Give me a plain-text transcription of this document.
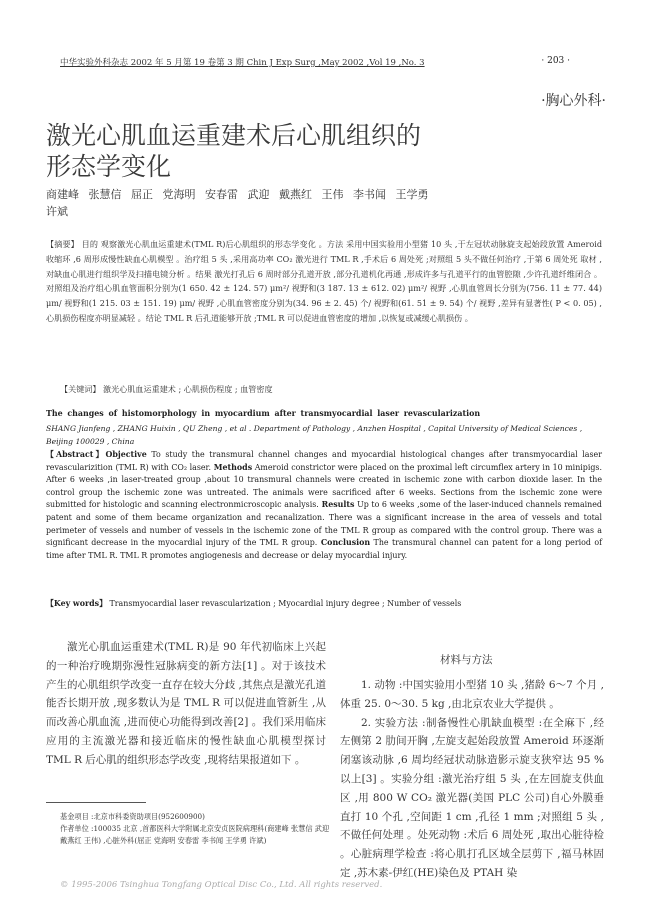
中华实验外科杂志 2002 年 5 月第 19 卷第 3 期 Chin J Exp Surg ,May 2002 ,Vol 19 ,No. 3	· 203 ·
·胸心外科·
激光心肌血运重建术后心肌组织的
形态学变化
商建峰 张慧信 屈正 党海明 安春雷 武迎 戴燕红 王伟 李书闻 王学勇
许斌
【摘要】 目的 观察激光心肌血运重建术(TML R)后心肌组织的形态学变化 。方法 采用中国实验用小型猪 10 头 ,于左冠状动脉旋支起始段放置 Ameroid 收缩环 ,6 周形成慢性缺血心肌模型 。治疗组 5 头 ,采用高功率 CO₂ 激光进行 TML R ,手术后 6 周处死 ;对照组 5 头不做任何治疗 ,于第 6 周处死 取材 ,对缺血心肌进行组织学及扫描电镜分析 。结果 激光打孔后 6 周时部分孔道开放 ,部分孔道机化再通 ,形成许多与孔道平行的血管腔隙 ,少许孔道纤维闭合 。对照组及治疗组心肌血管面积分别为(1 650. 42 ± 124. 57) μm²/ 视野和(3 187. 13 ± 612. 02) μm²/ 视野 ,心肌血管周长分别为(756. 11 ± 77. 44) μm/ 视野和(1 215. 03 ± 151. 19) μm/ 视野 ,心肌血管密度分别为(34. 96 ± 2. 45) 个/ 视野和(61. 51 ± 9. 54) 个/ 视野 ,差异有显著性( P < 0. 05) ,心肌损伤程度亦明显减轻 。结论 TML R 后孔道能够开放 ;TML R 可以促进血管密度的增加 ,以恢复或减缓心肌损伤 。
【关键词】 激光心肌血运重建术 ; 心肌损伤程度 ; 血管密度
The changes of histomorphology in myocardium after transmyocardial laser revascularization
SHANG Jianfeng , ZHANG Huixin , QU Zheng , et al . Department of Pathology , Anzhen Hospital , Capital University of Medical Sciences , Beijing 100029 , China
【Abstract】Objective To study the transmural channel changes and myocardial histological changes after transmyocardial laser revascularizition (TML R) with CO₂ laser. Methods Ameroid constrictor were placed on the proximal left circumflex artery in 10 minipigs. After 6 weeks ,in laser-treated group ,about 10 transmural channels were created in ischemic zone with carbon dioxide laser. In the control group the ischemic zone was untreated. The animals were sacrificed after 6 weeks. Sections from the ischemic zone were submitted for histologic and scanning electronmicroscopic analysis. Results Up to 6 weeks ,some of the laser-induced channels remained patent and some of them became organization and recanalization. There was a significant increase in the area of vessels and total perimeter of vessels and number of vessels in the ischemic zone of the TML R group as compared with the control group. There was a significant decrease in the myocardial injury of the TML R group. Conclusion The transmural channel can patent for a long period of time after TML R. TML R promotes angiogenesis and decrease or delay myocardial injury.
【Key words】 Transmyocardial laser revascularization ; Myocardial injury degree ; Number of vessels

激光心肌血运重建术(TML R)是 90 年代初临床上兴起的一种治疗晚期弥漫性冠脉病变的新方法[1] 。对于该技术产生的心肌组织学改变一直存在较大分歧 ,其焦点是激光孔道能否长期开放 ,现多数认为是 TML R 可以促进血管新生 ,从而改善心肌血流 ,进而使心功能得到改善[2] 。我们采用临床应用的主流激光器和接近临床的慢性缺血心肌模型探讨 TML R 后心肌的组织形态学改变 ,现将结果报道如下 。

基金项目 :北京市科委资助项目(952600900)

作者单位 :100035 北京 ,首都医科大学附属北京安贞医院病理科(商建峰 张慧信 武迎 戴燕红 王伟) ,心脏外科(屈正 党海明 安春雷 李书闻 王学勇 许斌)

材料与方法

1. 动物 :中国实验用小型猪 10 头 ,猪龄 6～7 个月 ,体重 25. 0～30. 5 kg ,由北京农业大学提供 。

2. 实验方法 :制备慢性心肌缺血模型 :在全麻下 ,经左侧第 2 肋间开胸 ,左旋支起始段放置 Ameroid 环逐渐闭塞该动脉 ,6 周均经冠状动脉造影示旋支狭窄达 95 %以上[3] 。实验分组 :激光治疗组 5 头 ,在左回旋支供血区 ,用 800 W CO₂ 激光器(美国 PLC 公司)自心外膜垂直打 10 个孔 ,空间距 1 cm ,孔径 1 mm ;对照组 5 头 ,不做任何处理 。处死动物 :术后 6 周处死 ,取出心脏待检 。心脏病理学检查 :将心肌打孔区域全层剪下 ,福马林固定 ,苏木素-伊红(HE)染色及 PTAH 染

© 1995-2006 Tsinghua Tongfang Optical Disc Co., Ltd. All rights reserved.
